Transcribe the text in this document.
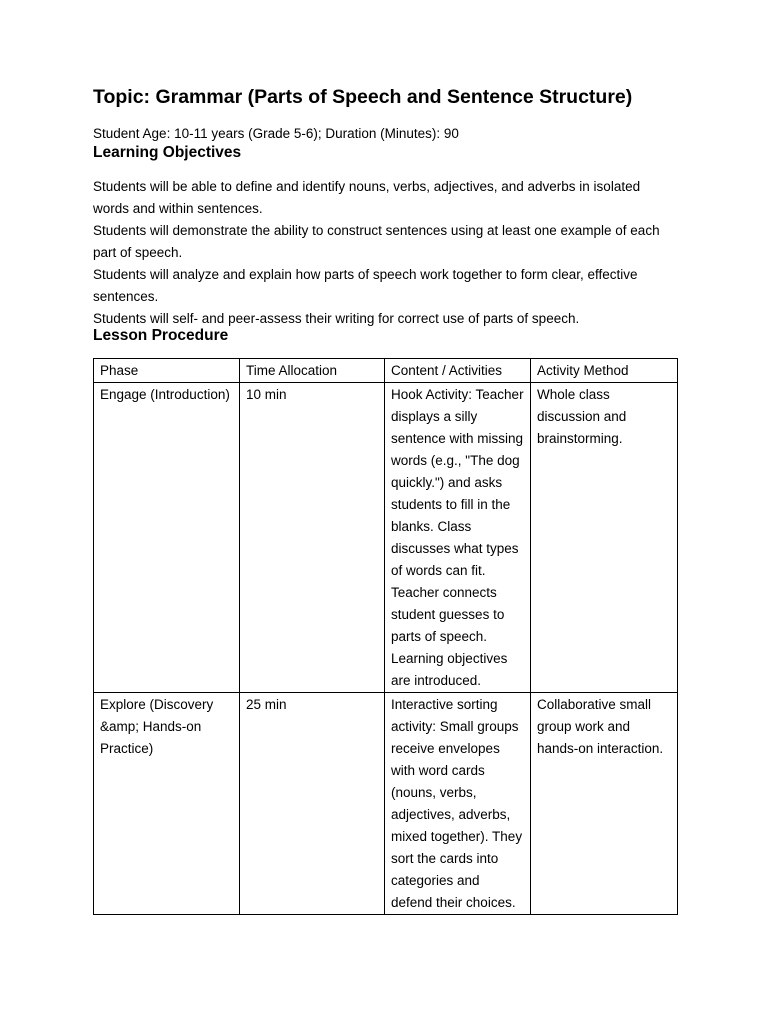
Topic: Grammar (Parts of Speech and Sentence Structure)
Student Age: 10-11 years (Grade 5-6); Duration (Minutes): 90
Learning Objectives
Students will be able to define and identify nouns, verbs, adjectives, and adverbs in isolated words and within sentences.
Students will demonstrate the ability to construct sentences using at least one example of each part of speech.
Students will analyze and explain how parts of speech work together to form clear, effective sentences.
Students will self- and peer-assess their writing for correct use of parts of speech.
Lesson Procedure
Phase	Time Allocation	Content / Activities	Activity Method
Engage (Introduction)	10 min	Hook Activity: Teacher displays a silly sentence with missing words (e.g., "The dog quickly.") and asks students to fill in the blanks. Class discusses what types of words can fit. Teacher connects student guesses to parts of speech. Learning objectives are introduced.	Whole class discussion and brainstorming.
Explore (Discovery &amp; Hands-on Practice)	25 min	Interactive sorting activity: Small groups receive envelopes with word cards (nouns, verbs, adjectives, adverbs, mixed together). They sort the cards into categories and defend their choices.	Collaborative small group work and hands-on interaction.
